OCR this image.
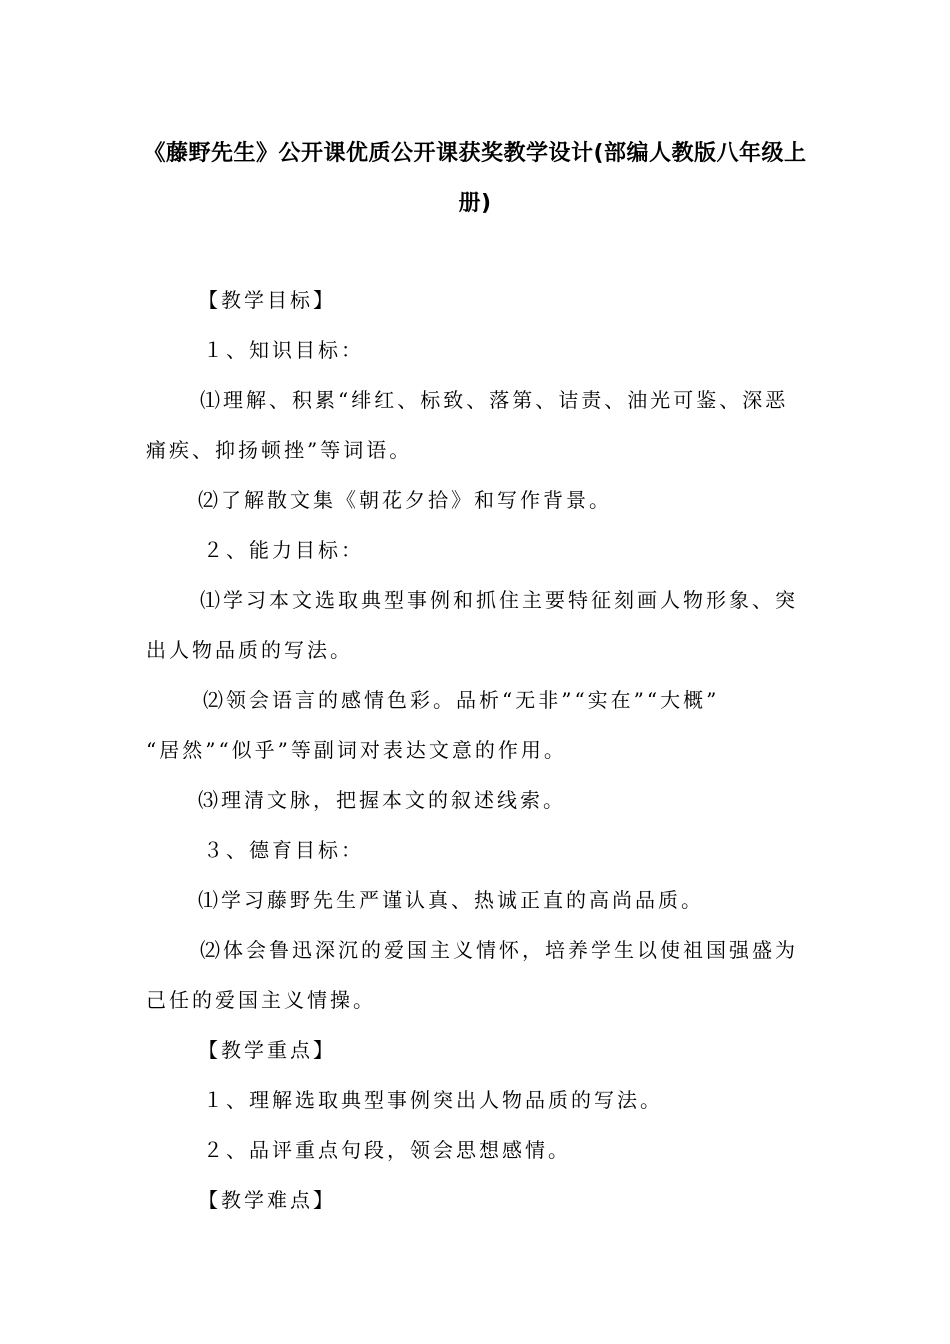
《藤野先生》公开课优质公开课获奖教学设计(部编人教版八年级上
册)

【教学目标】

１、知识目标：

⑴理解、积累“绯红、标致、落第、诘责、油光可鉴、深恶

痛疾、抑扬顿挫”等词语。

⑵了解散文集《朝花夕拾》和写作背景。

２、能力目标：

⑴学习本文选取典型事例和抓住主要特征刻画人物形象、突

出人物品质的写法。

⑵领会语言的感情色彩。品析“无非”“实在”“大概”

“居然”“似乎”等副词对表达文意的作用。

⑶理清文脉，把握本文的叙述线索。

３、德育目标：

⑴学习藤野先生严谨认真、热诚正直的高尚品质。

⑵体会鲁迅深沉的爱国主义情怀，培养学生以使祖国强盛为

己任的爱国主义情操。

【教学重点】

１、理解选取典型事例突出人物品质的写法。

２、品评重点句段，领会思想感情。

【教学难点】
